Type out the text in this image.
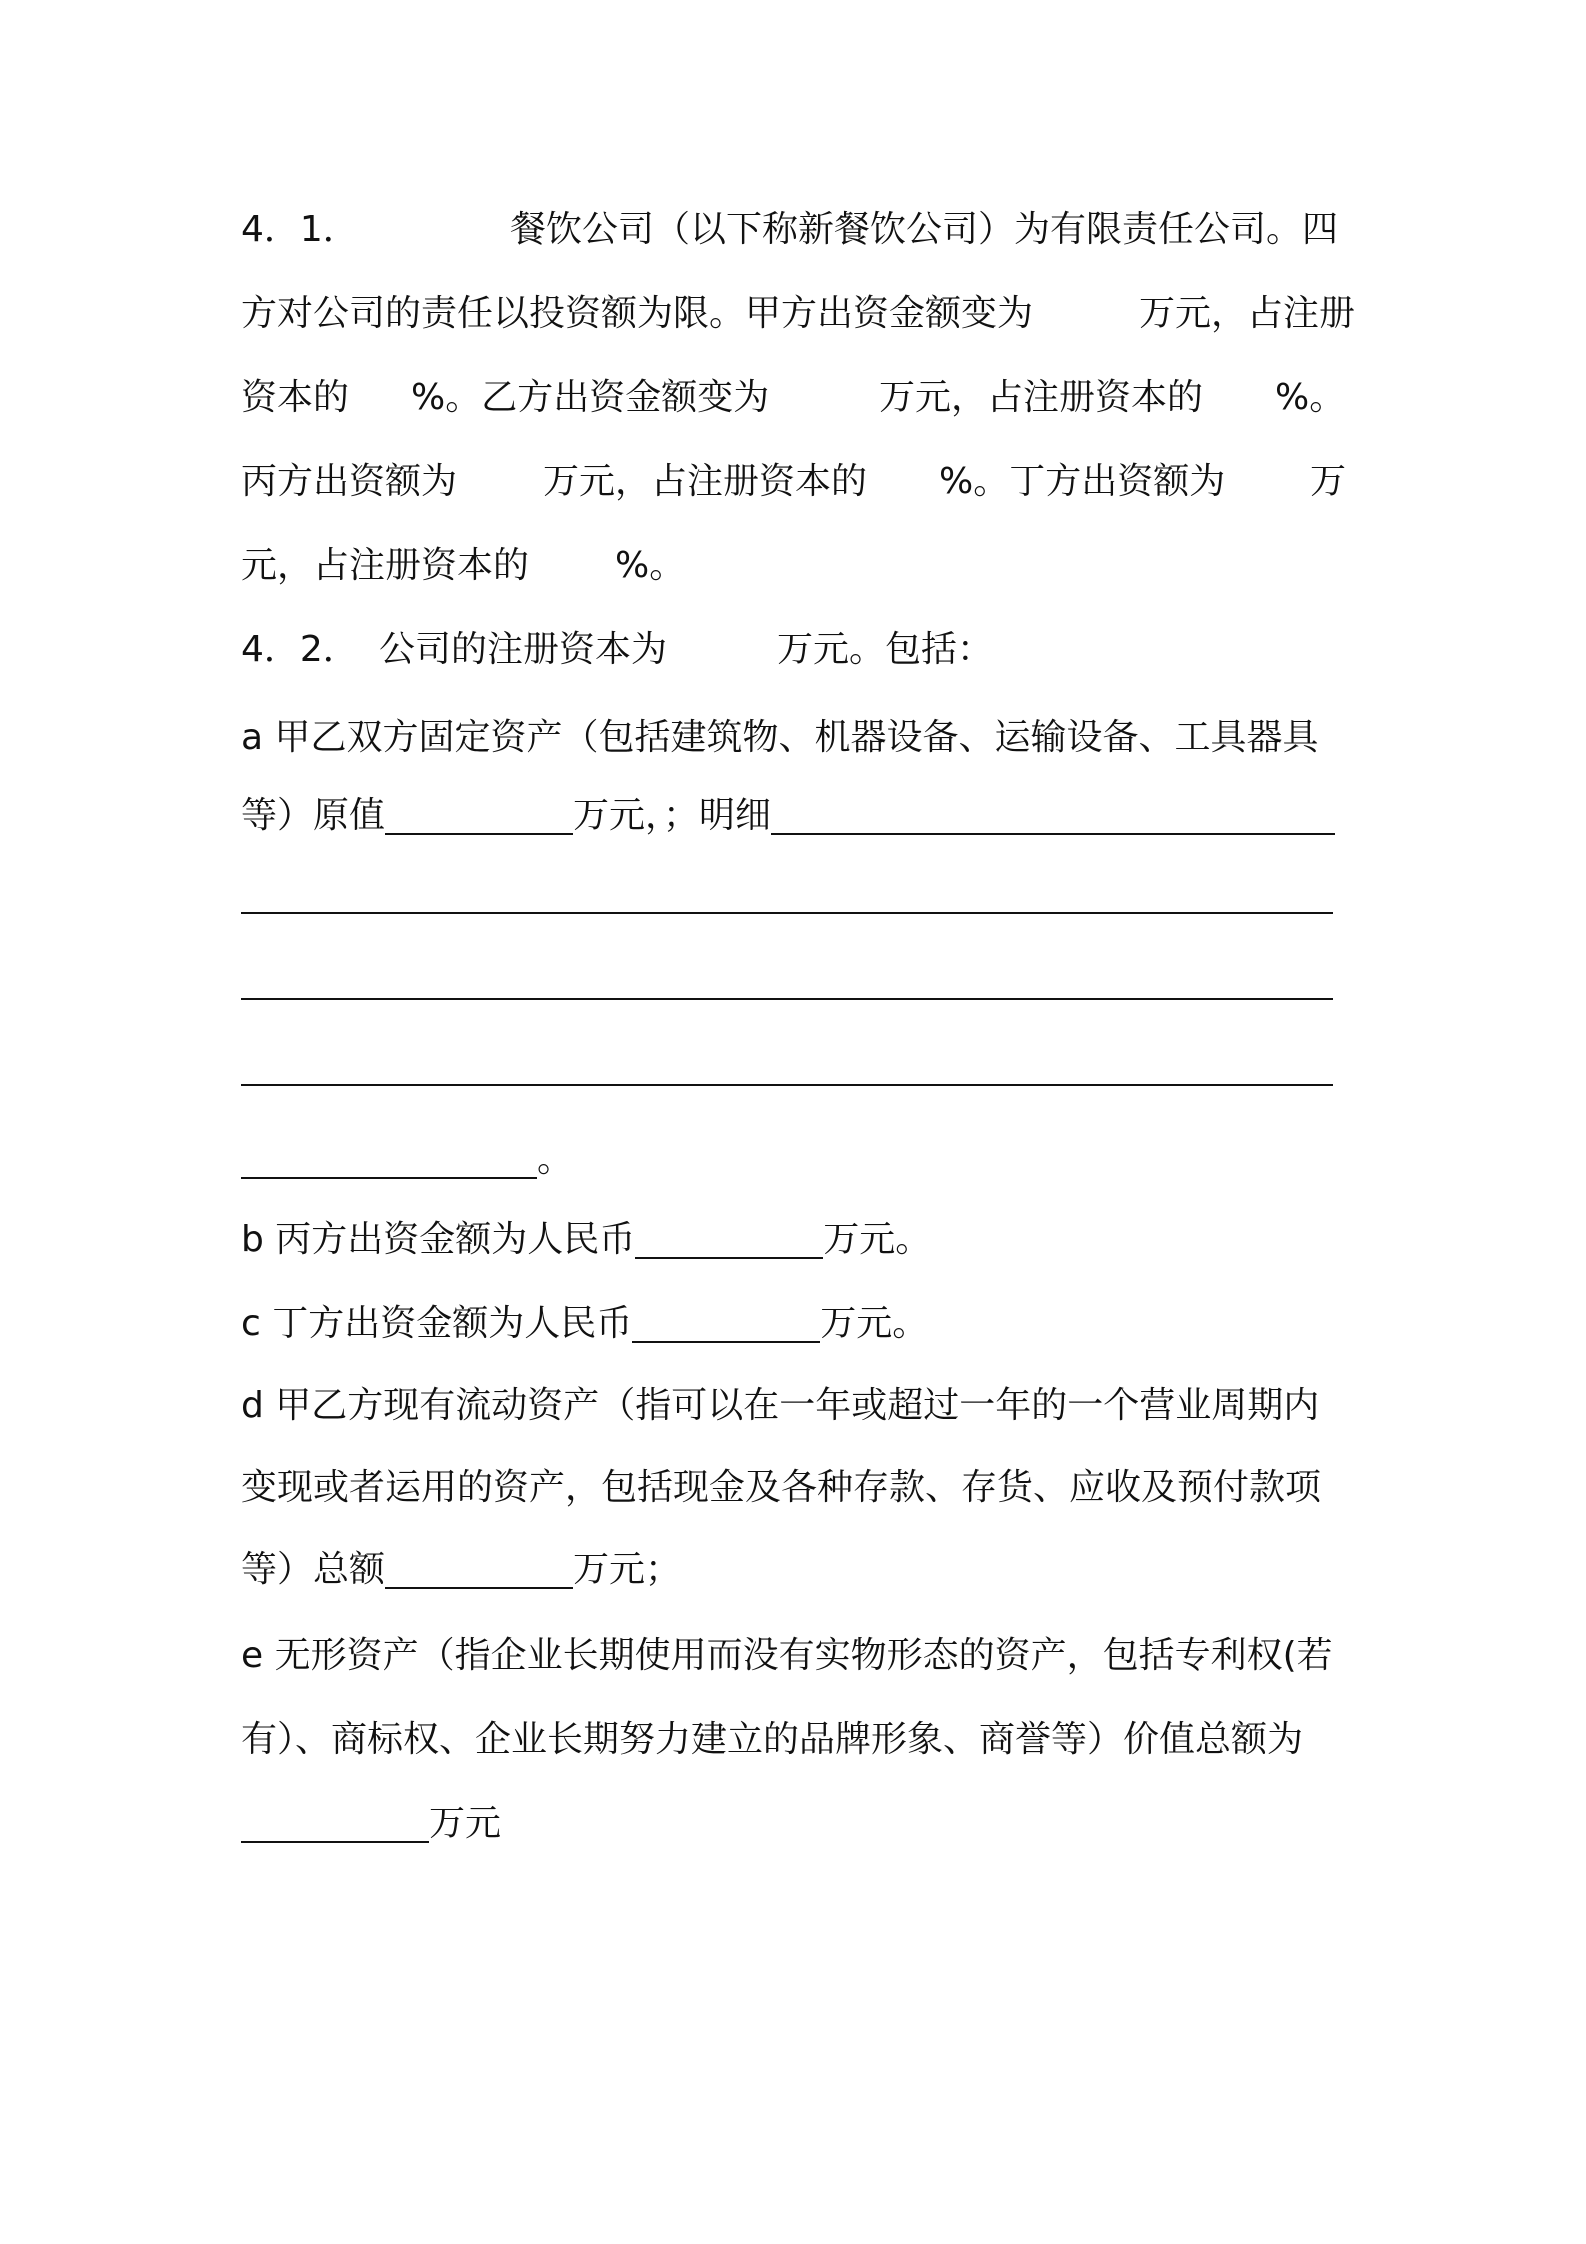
4．1．	餐饮公司（以下称新餐饮公司）为有限责任公司。四
方对公司的责任以投资额为限。甲方出资金额变为	万元，占注册
资本的 %。乙方出资金额变为	万元，占注册资本的 %。
丙方出资额为 万元，占注册资本的 %。丁方出资额为 万
元，占注册资本的 %。
4．2． 公司的注册资本为	万元。包括：
a 甲乙双方固定资产（包括建筑物、机器设备、运输设备、工具器具
等）原值	万元，；明细
。
b 丙方出资金额为人民币	万元。
c 丁方出资金额为人民币	万元。
d 甲乙方现有流动资产（指可以在一年或超过一年的一个营业周期内
变现或者运用的资产，包括现金及各种存款、存货、应收及预付款项
等）总额	万元；
e 无形资产（指企业长期使用而没有实物形态的资产，包括专利权(若
有）、商标权、企业长期努力建立的品牌形象、商誉等）价值总额为
万元
